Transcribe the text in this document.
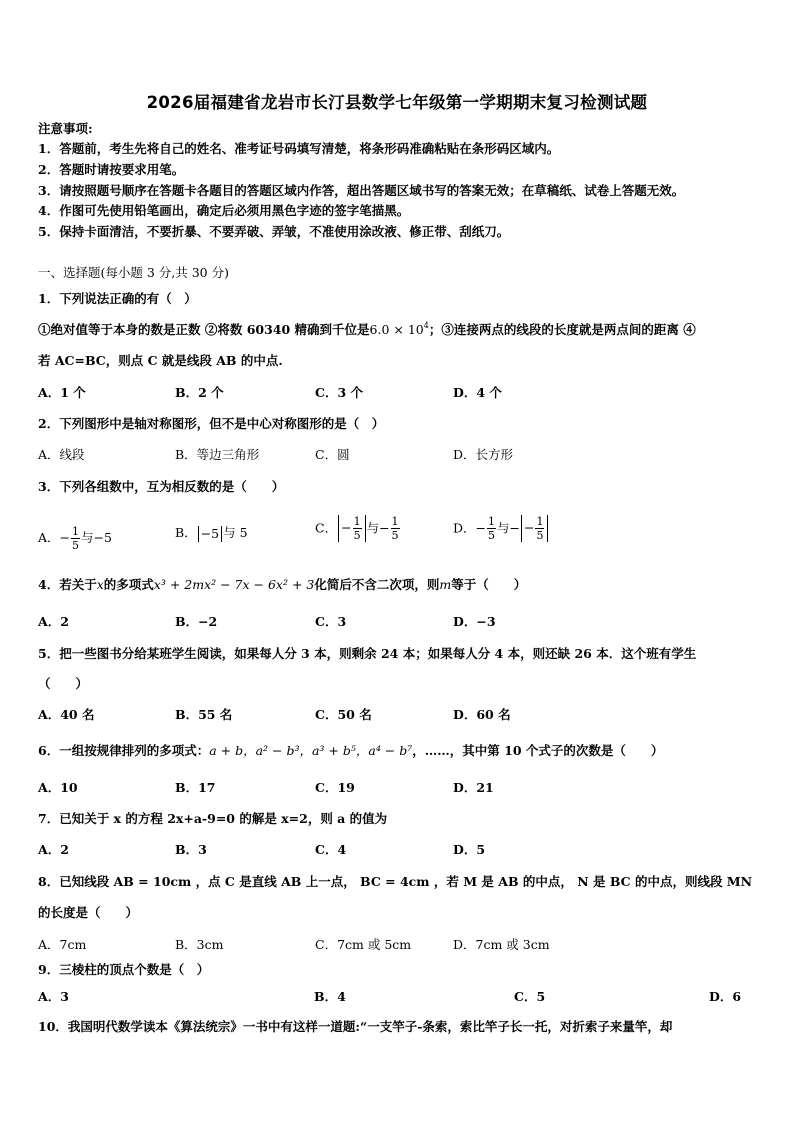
2026届福建省龙岩市长汀县数学七年级第一学期期末复习检测试题
注意事项:
1．答题前，考生先将自己的姓名、准考证号码填写清楚，将条形码准确粘贴在条形码区域内。
2．答题时请按要求用笔。
3．请按照题号顺序在答题卡各题目的答题区域内作答，超出答题区域书写的答案无效；在草稿纸、试卷上答题无效。
4．作图可先使用铅笔画出，确定后必须用黑色字迹的签字笔描黑。
5．保持卡面清洁，不要折暴、不要弄破、弄皱，不准使用涂改液、修正带、刮纸刀。
一、选择题(每小题 3 分,共 30 分)
1．下列说法正确的有（　）
①绝对值等于本身的数是正数 ②将数 60340 精确到千位是$6.0 \times 10^4$；③连接两点的线段的长度就是两点间的距离 ④
若 AC=BC，则点 C 就是线段 AB 的中点.
A．1 个	B．2 个	C．3 个	D．4 个
2．下列图形中是轴对称图形，但不是中心对称图形的是（　）
A．线段	B．等边三角形	C．圆	D．长方形
3．下列各组数中，互为相反数的是（　　）
A．− $\frac{1}{5}$ 与−5	B． −5 与 5	C． − $\frac{1}{5}$ 与− $\frac{1}{5}$	D．− $\frac{1}{5}$ 与− − $\frac{1}{5}$
4．若关于x的多项式x³ + 2mx² − 7x − 6x² + 3化简后不含二次项，则m等于（　　）
A．2	B．−2	C．3	D．−3
5．把一些图书分给某班学生阅读，如果每人分 3 本，则剩余 24 本；如果每人分 4 本，则还缺 26 本．这个班有学生
（　　）
A．40 名	B．55 名	C．50 名	D．60 名
6．一组按规律排列的多项式：a + b，a² − b³，a³ + b⁵，a⁴ − b⁷，……，其中第 10 个式子的次数是（　　）
A．10	B．17	C．19	D．21
7．已知关于 x 的方程 2x+a-9=0 的解是 x=2，则 a 的值为
A．2	B．3	C．4	D．5
8．已知线段 AB = 10cm ，点 C 是直线 AB 上一点， BC = 4cm ，若 M 是 AB 的中点， N 是 BC 的中点，则线段 MN
的长度是（　　）
A．7cm	B．3cm	C．7cm 或 5cm	D．7cm 或 3cm
9．三棱柱的顶点个数是（　）
A．3	B．4	C．5	D．6
10．我国明代数学读本《算法统宗》一书中有这样一道题:“一支竿子-条索，索比竿子长一托，对折索子来量竿，却
